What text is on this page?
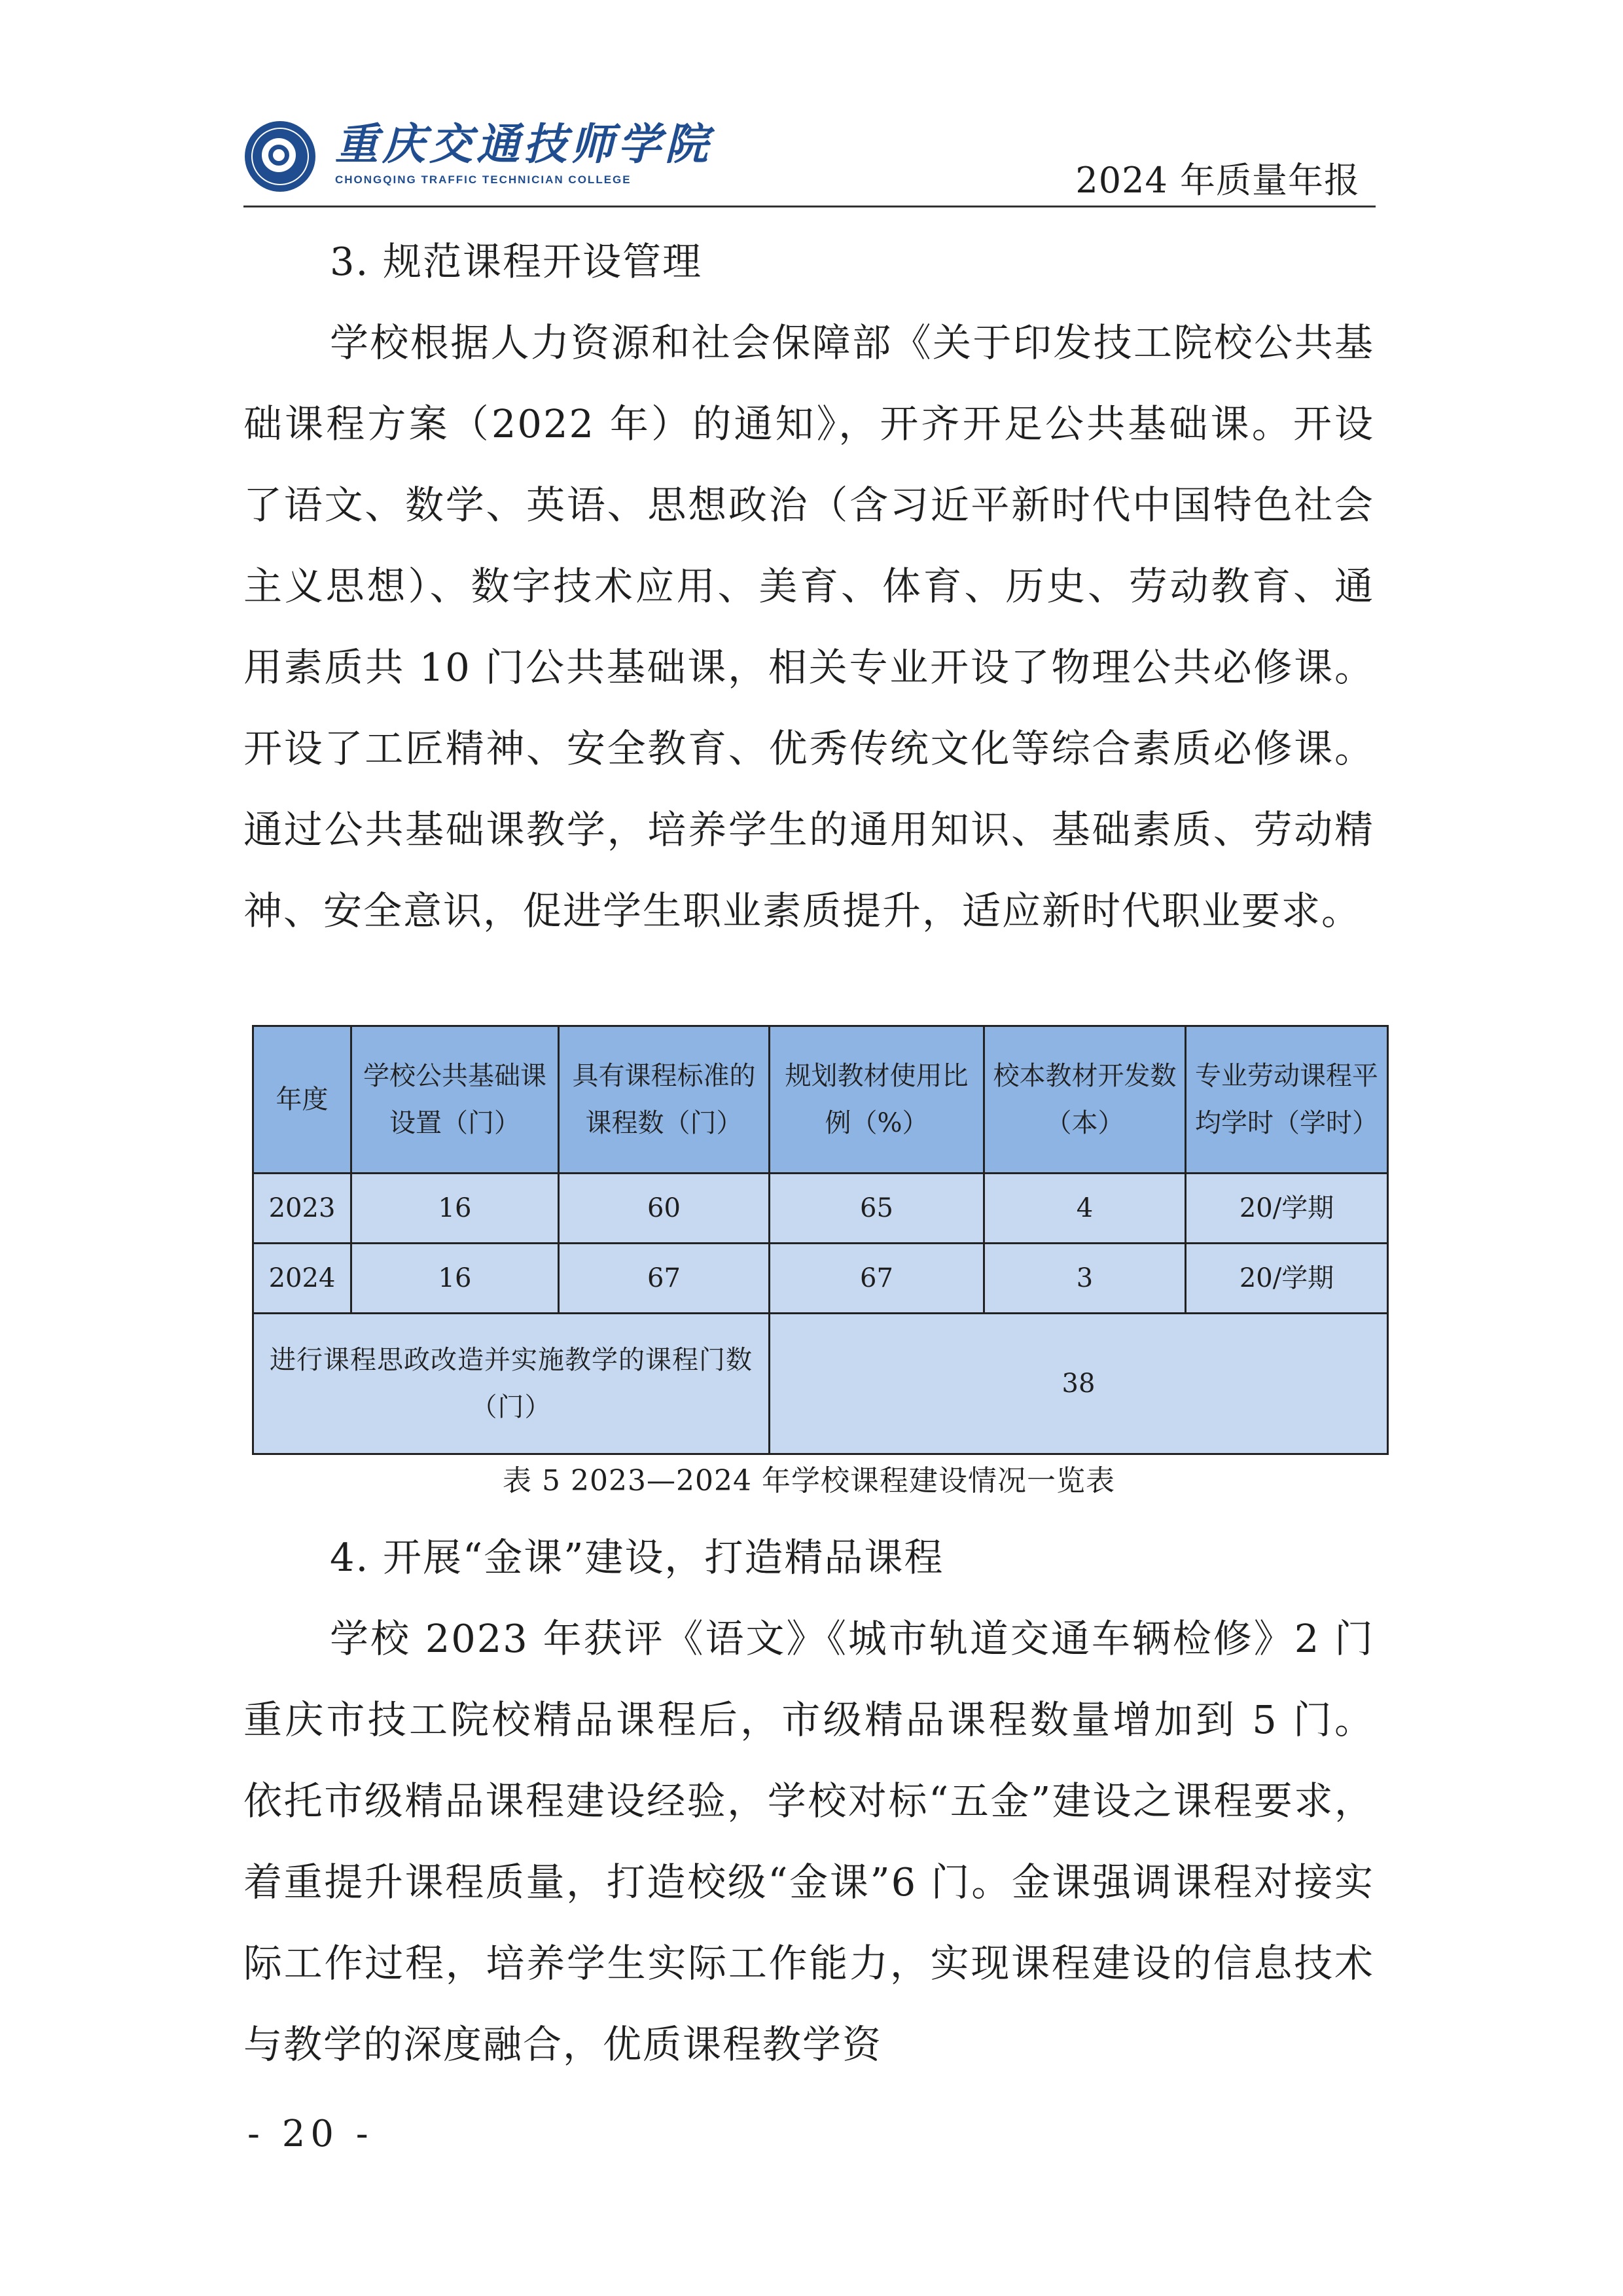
重庆交通技师学院
CHONGQING TRAFFIC TECHNICIAN COLLEGE	2024 年质量年报

3. 规范课程开设管理

学校根据人力资源和社会保障部《关于印发技工院校公共基础课程方案（2022 年）的通知》，开齐开足公共基础课。开设了语文、数学、英语、思想政治（含习近平新时代中国特色社会主义思想）、数字技术应用、美育、体育、历史、劳动教育、通用素质共 10 门公共基础课，相关专业开设了物理公共必修课。开设了工匠精神、安全教育、优秀传统文化等综合素质必修课。通过公共基础课教学，培养学生的通用知识、基础素质、劳动精神、安全意识，促进学生职业素质提升，适应新时代职业要求。

年度	学校公共基础课设置（门）	具有课程标准的课程数（门）	规划教材使用比例（%）	校本教材开发数（本）	专业劳动课程平均学时（学时）
2023	16	60	65	4	20/学期
2024	16	67	67	3	20/学期
进行课程思政改造并实施教学的课程门数（门）			38		
表 5 2023—2024 年学校课程建设情况一览表

4. 开展“金课”建设，打造精品课程

学校 2023 年获评《语文》《城市轨道交通车辆检修》2 门重庆市技工院校精品课程后，市级精品课程数量增加到 5 门。依托市级精品课程建设经验，学校对标“五金”建设之课程要求，着重提升课程质量，打造校级“金课”6 门。金课强调课程对接实际工作过程，培养学生实际工作能力，实现课程建设的信息技术与教学的深度融合，优质课程教学资

- 20 -
